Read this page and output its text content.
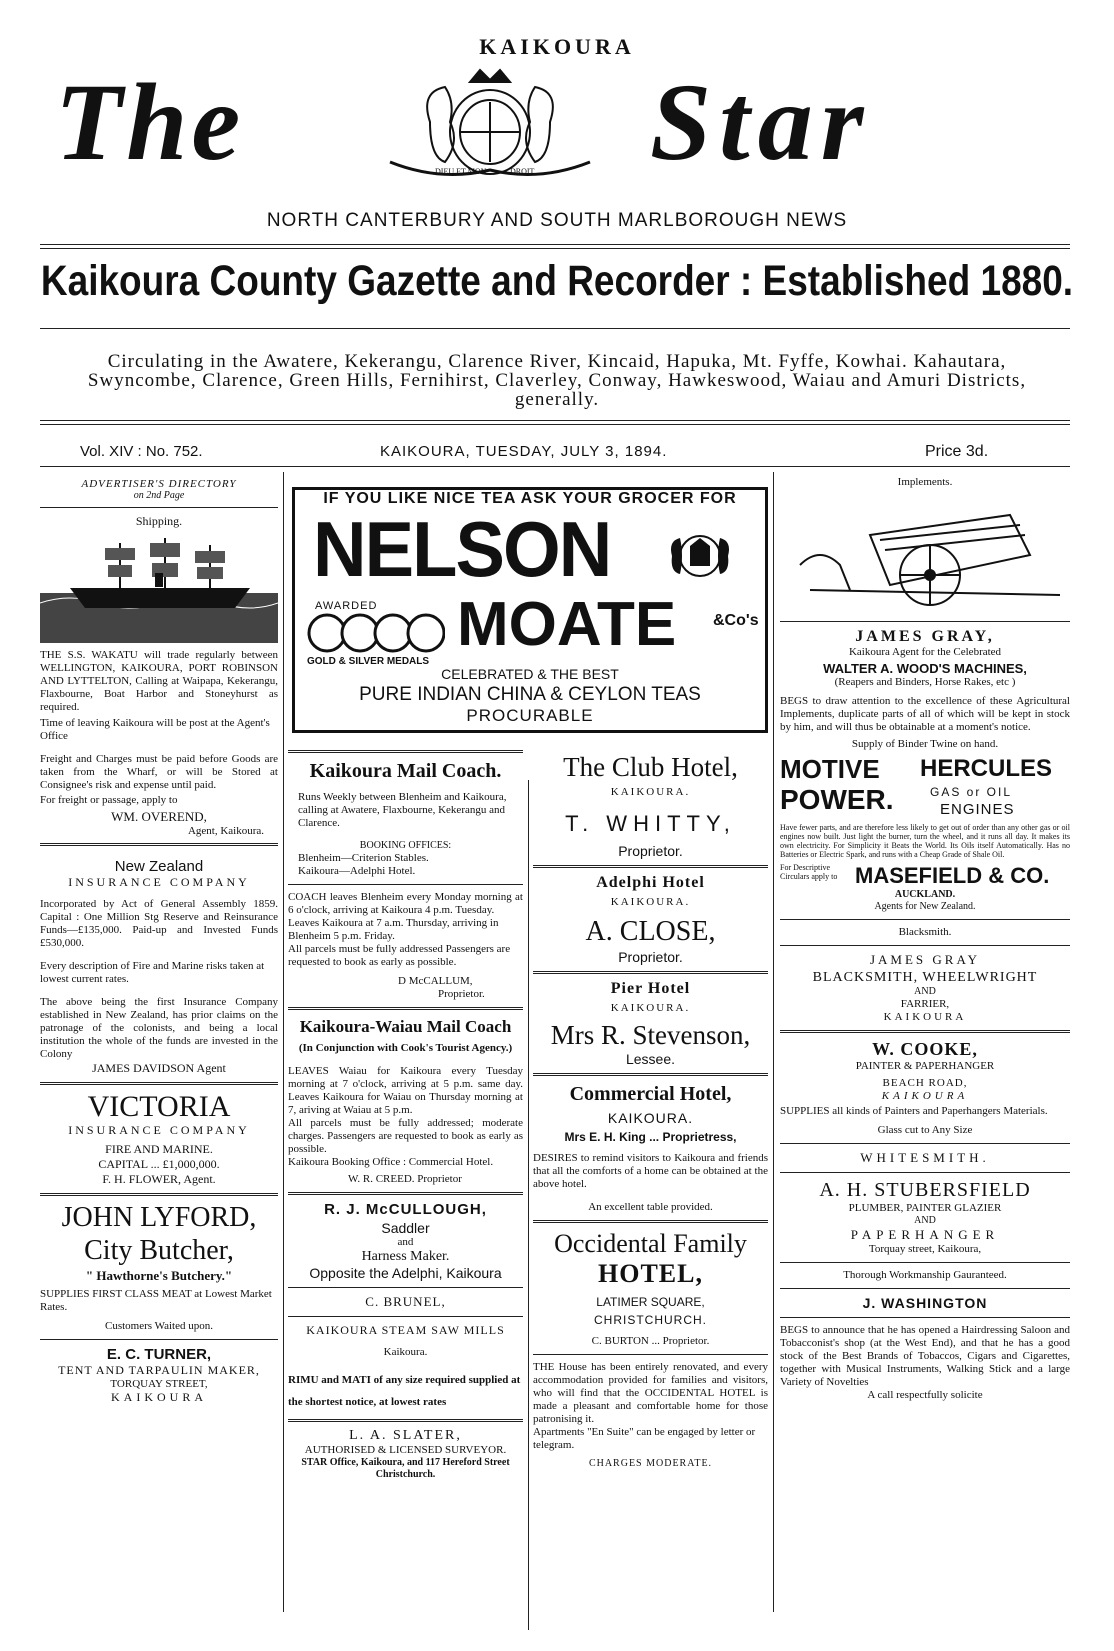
KAIKOURA
The	DIEU ET MON	DROIT Star
NORTH CANTERBURY AND SOUTH MARLBOROUGH NEWS
Kaikoura County Gazette and Recorder : Established 1880.
Circulating in the Awatere, Kekerangu, Clarence River, Kincaid, Hapuka, Mt. Fyffe, Kowhai. Kahautara, Swyncombe, Clarence, Green Hills, Fernihirst, Claverley, Conway, Hawkeswood, Waiau and Amuri Districts, generally.
Vol. XIV : No. 752.	KAIKOURA, TUESDAY, JULY 3, 1894.	Price 3d.
ADVERTISER'S DIRECTORY
on 2nd Page
Shipping.

THE S.S. WAKATU will trade regularly between WELLINGTON, KAIKOURA, PORT ROBINSON AND LYTTELTON, Calling at Waipapa, Kekerangu, Flaxbourne, Boat Harbor and Stoneyhurst as required.

Time of leaving Kaikoura will be post at the Agent's Office

Freight and Charges must be paid before Goods are taken from the Wharf, or will be Stored at Consignee's risk and expense until paid.

For freight or passage, apply to

WM. OVEREND,

Agent, Kaikoura.

New Zealand

INSURANCE COMPANY

Incorporated by Act of General Assembly 1859. Capital : One Million Stg Reserve and Reinsurance Funds—£135,000. Paid-up and Invested Funds £530,000.

Every description of Fire and Marine risks taken at lowest current rates.

The above being the first Insurance Company established in New Zealand, has prior claims on the patronage of the colonists, and being a local institution the whole of the funds are invested in the Colony

JAMES DAVIDSON Agent

VICTORIA

INSURANCE COMPANY

FIRE AND MARINE.

CAPITAL ... £1,000,000.

F. H. FLOWER, Agent.

JOHN LYFORD,

City Butcher,

" Hawthorne's Butchery."

SUPPLIES FIRST CLASS MEAT at Lowest Market Rates.

Customers Waited upon.

E. C. TURNER,

TENT AND TARPAULIN MAKER,

TORQUAY STREET,

KAIKOURA

IF YOU LIKE NICE TEA ASK YOUR GROCER FOR
NELSON
AWARDED
GOLD & SILVER MEDALS
MOATE &Co's
CELEBRATED & THE BEST
PURE INDIAN CHINA & CEYLON TEAS
PROCURABLE

Kaikoura Mail Coach.

Runs Weekly between Blenheim and Kaikoura, calling at Awatere, Flaxbourne, Kekerangu and Clarence.

BOOKING OFFICES:

Blenheim—Criterion Stables.

Kaikoura—Adelphi Hotel.

COACH leaves Blenheim every Monday morning at 6 o'clock, arriving at Kaikoura 4 p.m. Tuesday.

Leaves Kaikoura at 7 a.m. Thursday, arriving in Blenheim 5 p.m. Friday.

All parcels must be fully addressed Passengers are requested to book as early as possible.

D McCALLUM,

Proprietor.

Kaikoura-Waiau Mail Coach

(In Conjunction with Cook's Tourist Agency.)

LEAVES Waiau for Kaikoura every Tuesday morning at 7 o'clock, arriving at 5 p.m. same day. Leaves Kaikoura for Waiau on Thursday morning at 7, ariving at Waiau at 5 p.m.

All parcels must be fully addressed; moderate charges. Passengers are requested to book as early as possible.

Kaikoura Booking Office : Commercial Hotel.

W. R. CREED. Proprietor

R. J. McCULLOUGH,

Saddler

and

Harness Maker.

Opposite the Adelphi, Kaikoura

C. BRUNEL,

KAIKOURA STEAM SAW MILLS

Kaikoura.

RIMU and MATI of any size required supplied at the shortest notice, at lowest rates

L. A. SLATER,

AUTHORISED & LICENSED SURVEYOR.

STAR Office, Kaikoura, and 117 Hereford Street Christchurch.

The Club Hotel,

KAIKOURA.

T. WHITTY,

Proprietor.

Adelphi Hotel

KAIKOURA.

A. CLOSE,

Proprietor.

Pier Hotel

KAIKOURA.

Mrs R. Stevenson,

Lessee.

Commercial Hotel,

KAIKOURA.

Mrs E. H. King ... Proprietress,

DESIRES to remind visitors to Kaikoura and friends that all the comforts of a home can be obtained at the above hotel.

An excellent table provided.

Occidental Family

HOTEL,

LATIMER SQUARE,

CHRISTCHURCH.

C. BURTON ... Proprietor.

THE House has been entirely renovated, and every accommodation provided for families and visitors, who will find that the OCCIDENTAL HOTEL is made a pleasant and comfortable home for those patronising it.

Apartments "En Suite" can be engaged by letter or telegram.

CHARGES MODERATE.

Implements.

JAMES GRAY,

Kaikoura Agent for the Celebrated

WALTER A. WOOD'S MACHINES,

(Reapers and Binders, Horse Rakes, etc )

BEGS to draw attention to the excellence of these Agricultural Implements, duplicate parts of all of which will be kept in stock by him, and will thus be obtainable at a moment's notice.

Supply of Binder Twine on hand.

MOTIVE
POWER.
HERCULES
GAS or OIL
ENGINES

Have fewer parts, and are therefore less likely to get out of order than any other gas or oil engines now built. Just light the burner, turn the wheel, and it runs all day. It makes its own electricity. For Simplicity it Beats the World. Its Oils itself Automatically. Has no Batteries or Electric Spark, and runs with a Cheap Grade of Shale Oil.

For Descriptive Circulars apply to MASEFIELD & CO.

AUCKLAND.

Agents for New Zealand.

Blacksmith.

JAMES GRAY

BLACKSMITH, WHEELWRIGHT

AND

FARRIER,

KAIKOURA

W. COOKE,

PAINTER & PAPERHANGER

BEACH ROAD,

KAIKOURA

SUPPLIES all kinds of Painters and Paperhangers Materials.

Glass cut to Any Size

WHITESMITH.

A. H. STUBERSFIELD

PLUMBER, PAINTER GLAZIER

AND

PAPERHANGER

Torquay street, Kaikoura,

Thorough Workmanship Gauranteed.

J. WASHINGTON

BEGS to announce that he has opened a Hairdressing Saloon and Tobacconist's shop (at the West End), and that he has a good stock of the Best Brands of Tobaccos, Cigars and Cigarettes, together with Musical Instruments, Walking Stick and a large Variety of Novelties

A call respectfully solicite
